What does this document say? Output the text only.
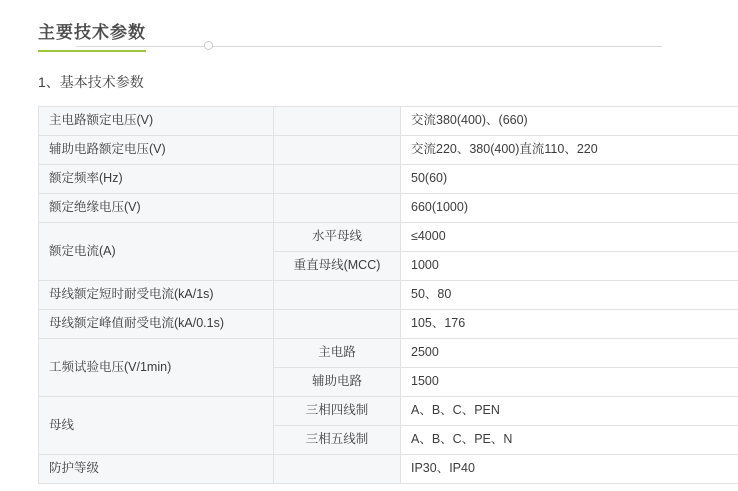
主要技术参数
1、基本技术参数
主电路额定电压(V)		交流380(400)、(660)
辅助电路额定电压(V)		交流220、380(400)直流110、220
额定频率(Hz)		50(60)
额定绝缘电压(V)		660(1000)
额定电流(A)	水平母线	≤4000
	重直母线(MCC)	1000
母线额定短时耐受电流(kA/1s)		50、80
母线额定峰值耐受电流(kA/0.1s)		105、176
工频试验电压(V/1min)	主电路	2500
	辅助电路	1500
母线	三相四线制	A、B、C、PEN
	三相五线制	A、B、C、PE、N
防护等级		IP30、IP40
